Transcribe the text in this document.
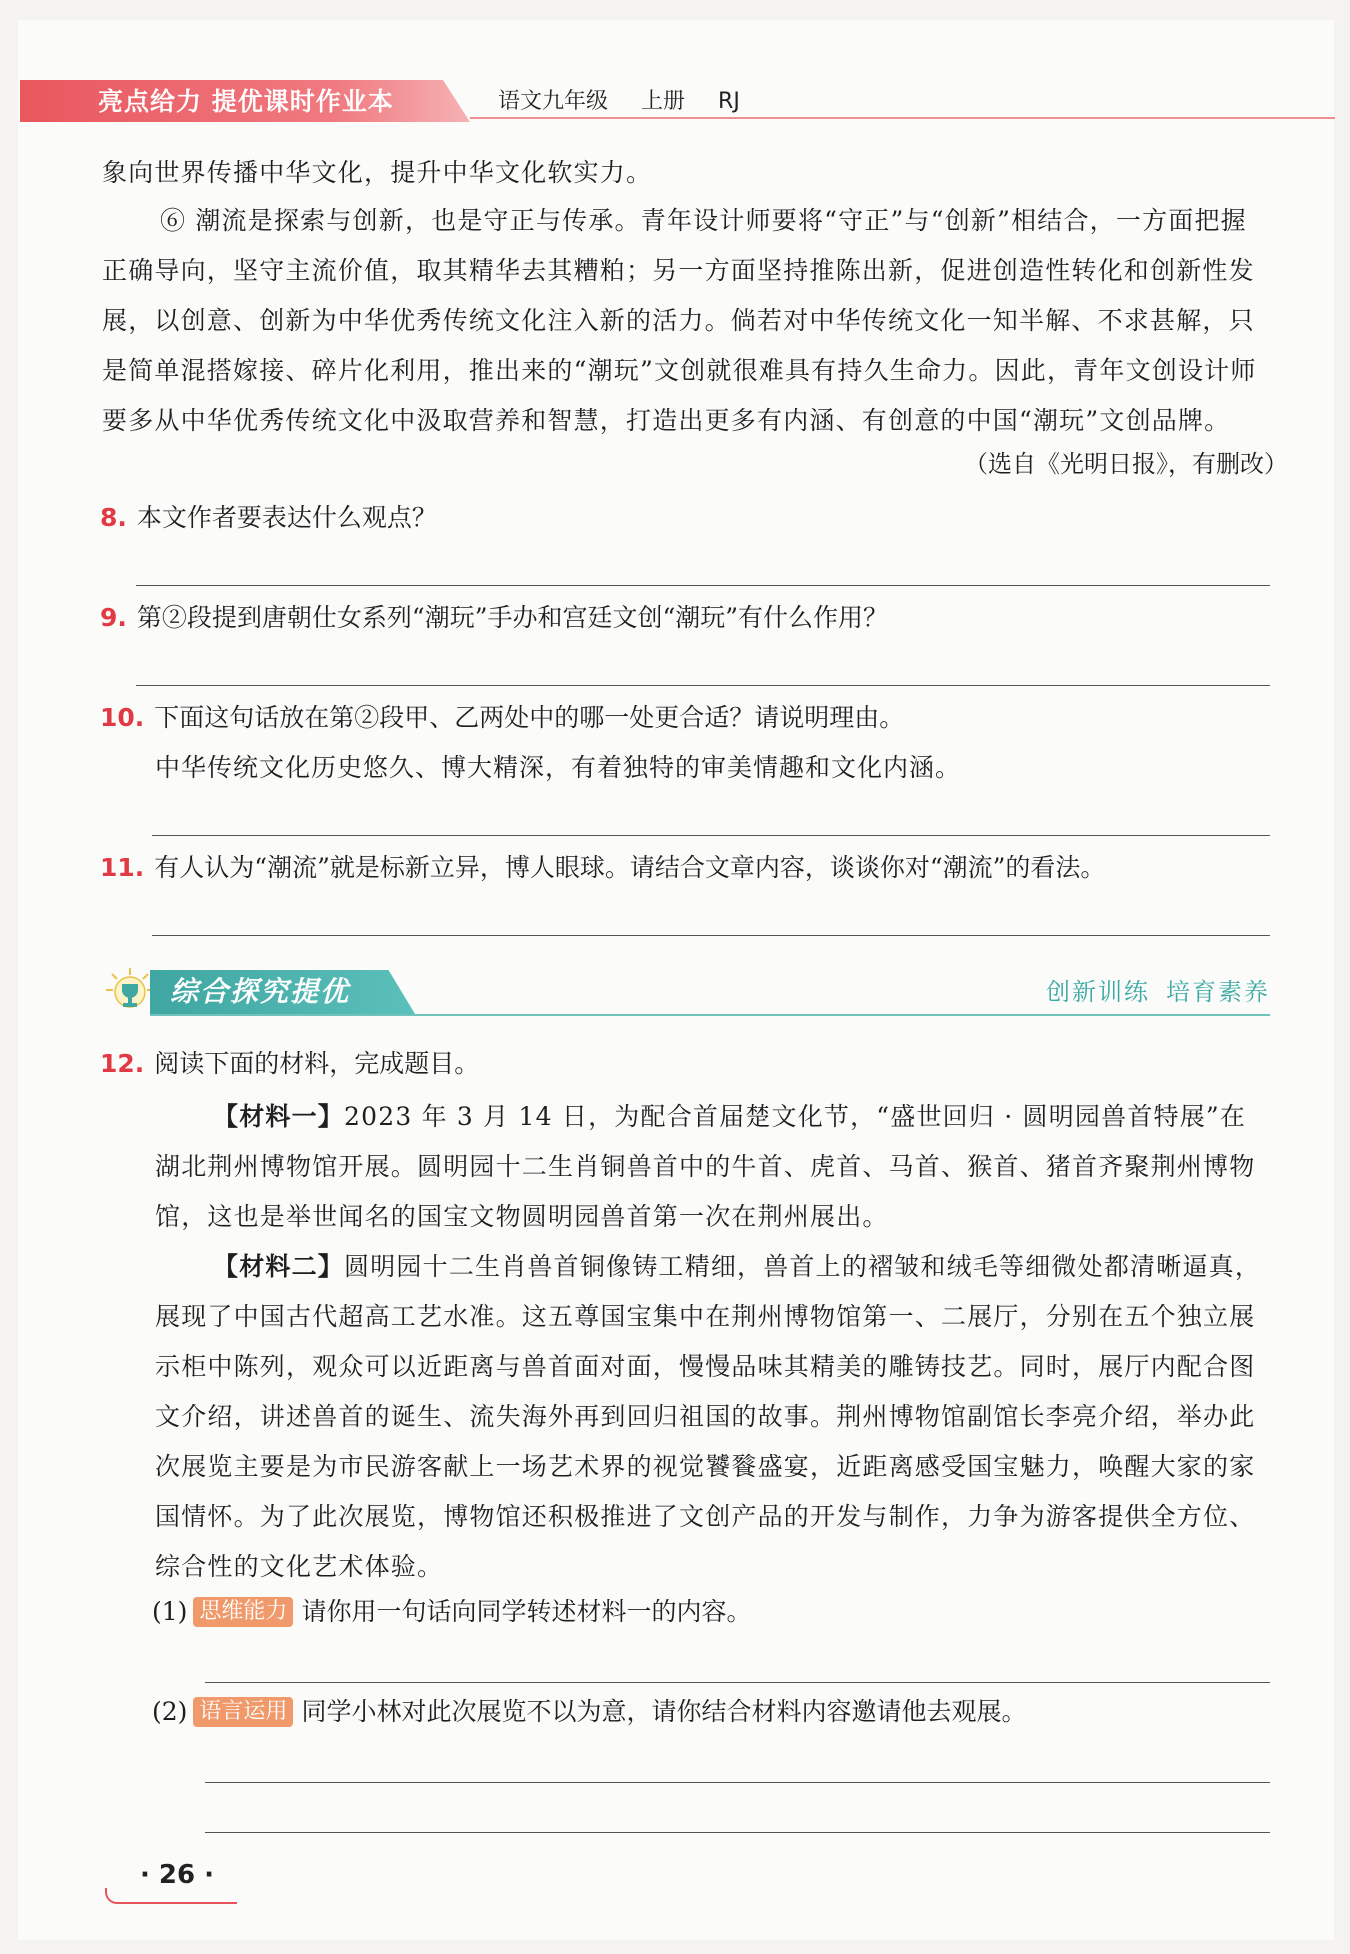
亮点给力 提优课时作业本	语文九年级 上册 RJ
象向世界传播中华文化，提升中华文化软实力。
⑥ 潮流是探索与创新，也是守正与传承。青年设计师要将“守正”与“创新”相结合，一方面把握正确导向，坚守主流价值，取其精华去其糟粕；另一方面坚持推陈出新，促进创造性转化和创新性发展，以创意、创新为中华优秀传统文化注入新的活力。倘若对中华传统文化一知半解、不求甚解，只是简单混搭嫁接、碎片化利用，推出来的“潮玩”文创就很难具有持久生命力。因此，青年文创设计师要多从中华优秀传统文化中汲取营养和智慧，打造出更多有内涵、有创意的中国“潮玩”文创品牌。
（选自《光明日报》，有删改）
8. 本文作者要表达什么观点？
9. 第②段提到唐朝仕女系列“潮玩”手办和宫廷文创“潮玩”有什么作用？
10. 下面这句话放在第②段甲、乙两处中的哪一处更合适？请说明理由。
中华传统文化历史悠久、博大精深，有着独特的审美情趣和文化内涵。
11. 有人认为“潮流”就是标新立异，博人眼球。请结合文章内容，谈谈你对“潮流”的看法。
综合探究提优	创新训练 培育素养
12. 阅读下面的材料，完成题目。
【材料一】2023 年 3 月 14 日，为配合首届楚文化节，“盛世回归 · 圆明园兽首特展”在湖北荆州博物馆开展。圆明园十二生肖铜兽首中的牛首、虎首、马首、猴首、猪首齐聚荆州博物馆，这也是举世闻名的国宝文物圆明园兽首第一次在荆州展出。
【材料二】圆明园十二生肖兽首铜像铸工精细，兽首上的褶皱和绒毛等细微处都清晰逼真，展现了中国古代超高工艺水准。这五尊国宝集中在荆州博物馆第一、二展厅，分别在五个独立展示柜中陈列，观众可以近距离与兽首面对面，慢慢品味其精美的雕铸技艺。同时，展厅内配合图文介绍，讲述兽首的诞生、流失海外再到回归祖国的故事。荆州博物馆副馆长李亮介绍，举办此次展览主要是为市民游客献上一场艺术界的视觉饕餮盛宴，近距离感受国宝魅力，唤醒大家的家国情怀。为了此次展览，博物馆还积极推进了文创产品的开发与制作，力争为游客提供全方位、综合性的文化艺术体验。
(1) 思维能力 请你用一句话向同学转述材料一的内容。
(2) 语言运用 同学小林对此次展览不以为意，请你结合材料内容邀请他去观展。
· 26 ·
